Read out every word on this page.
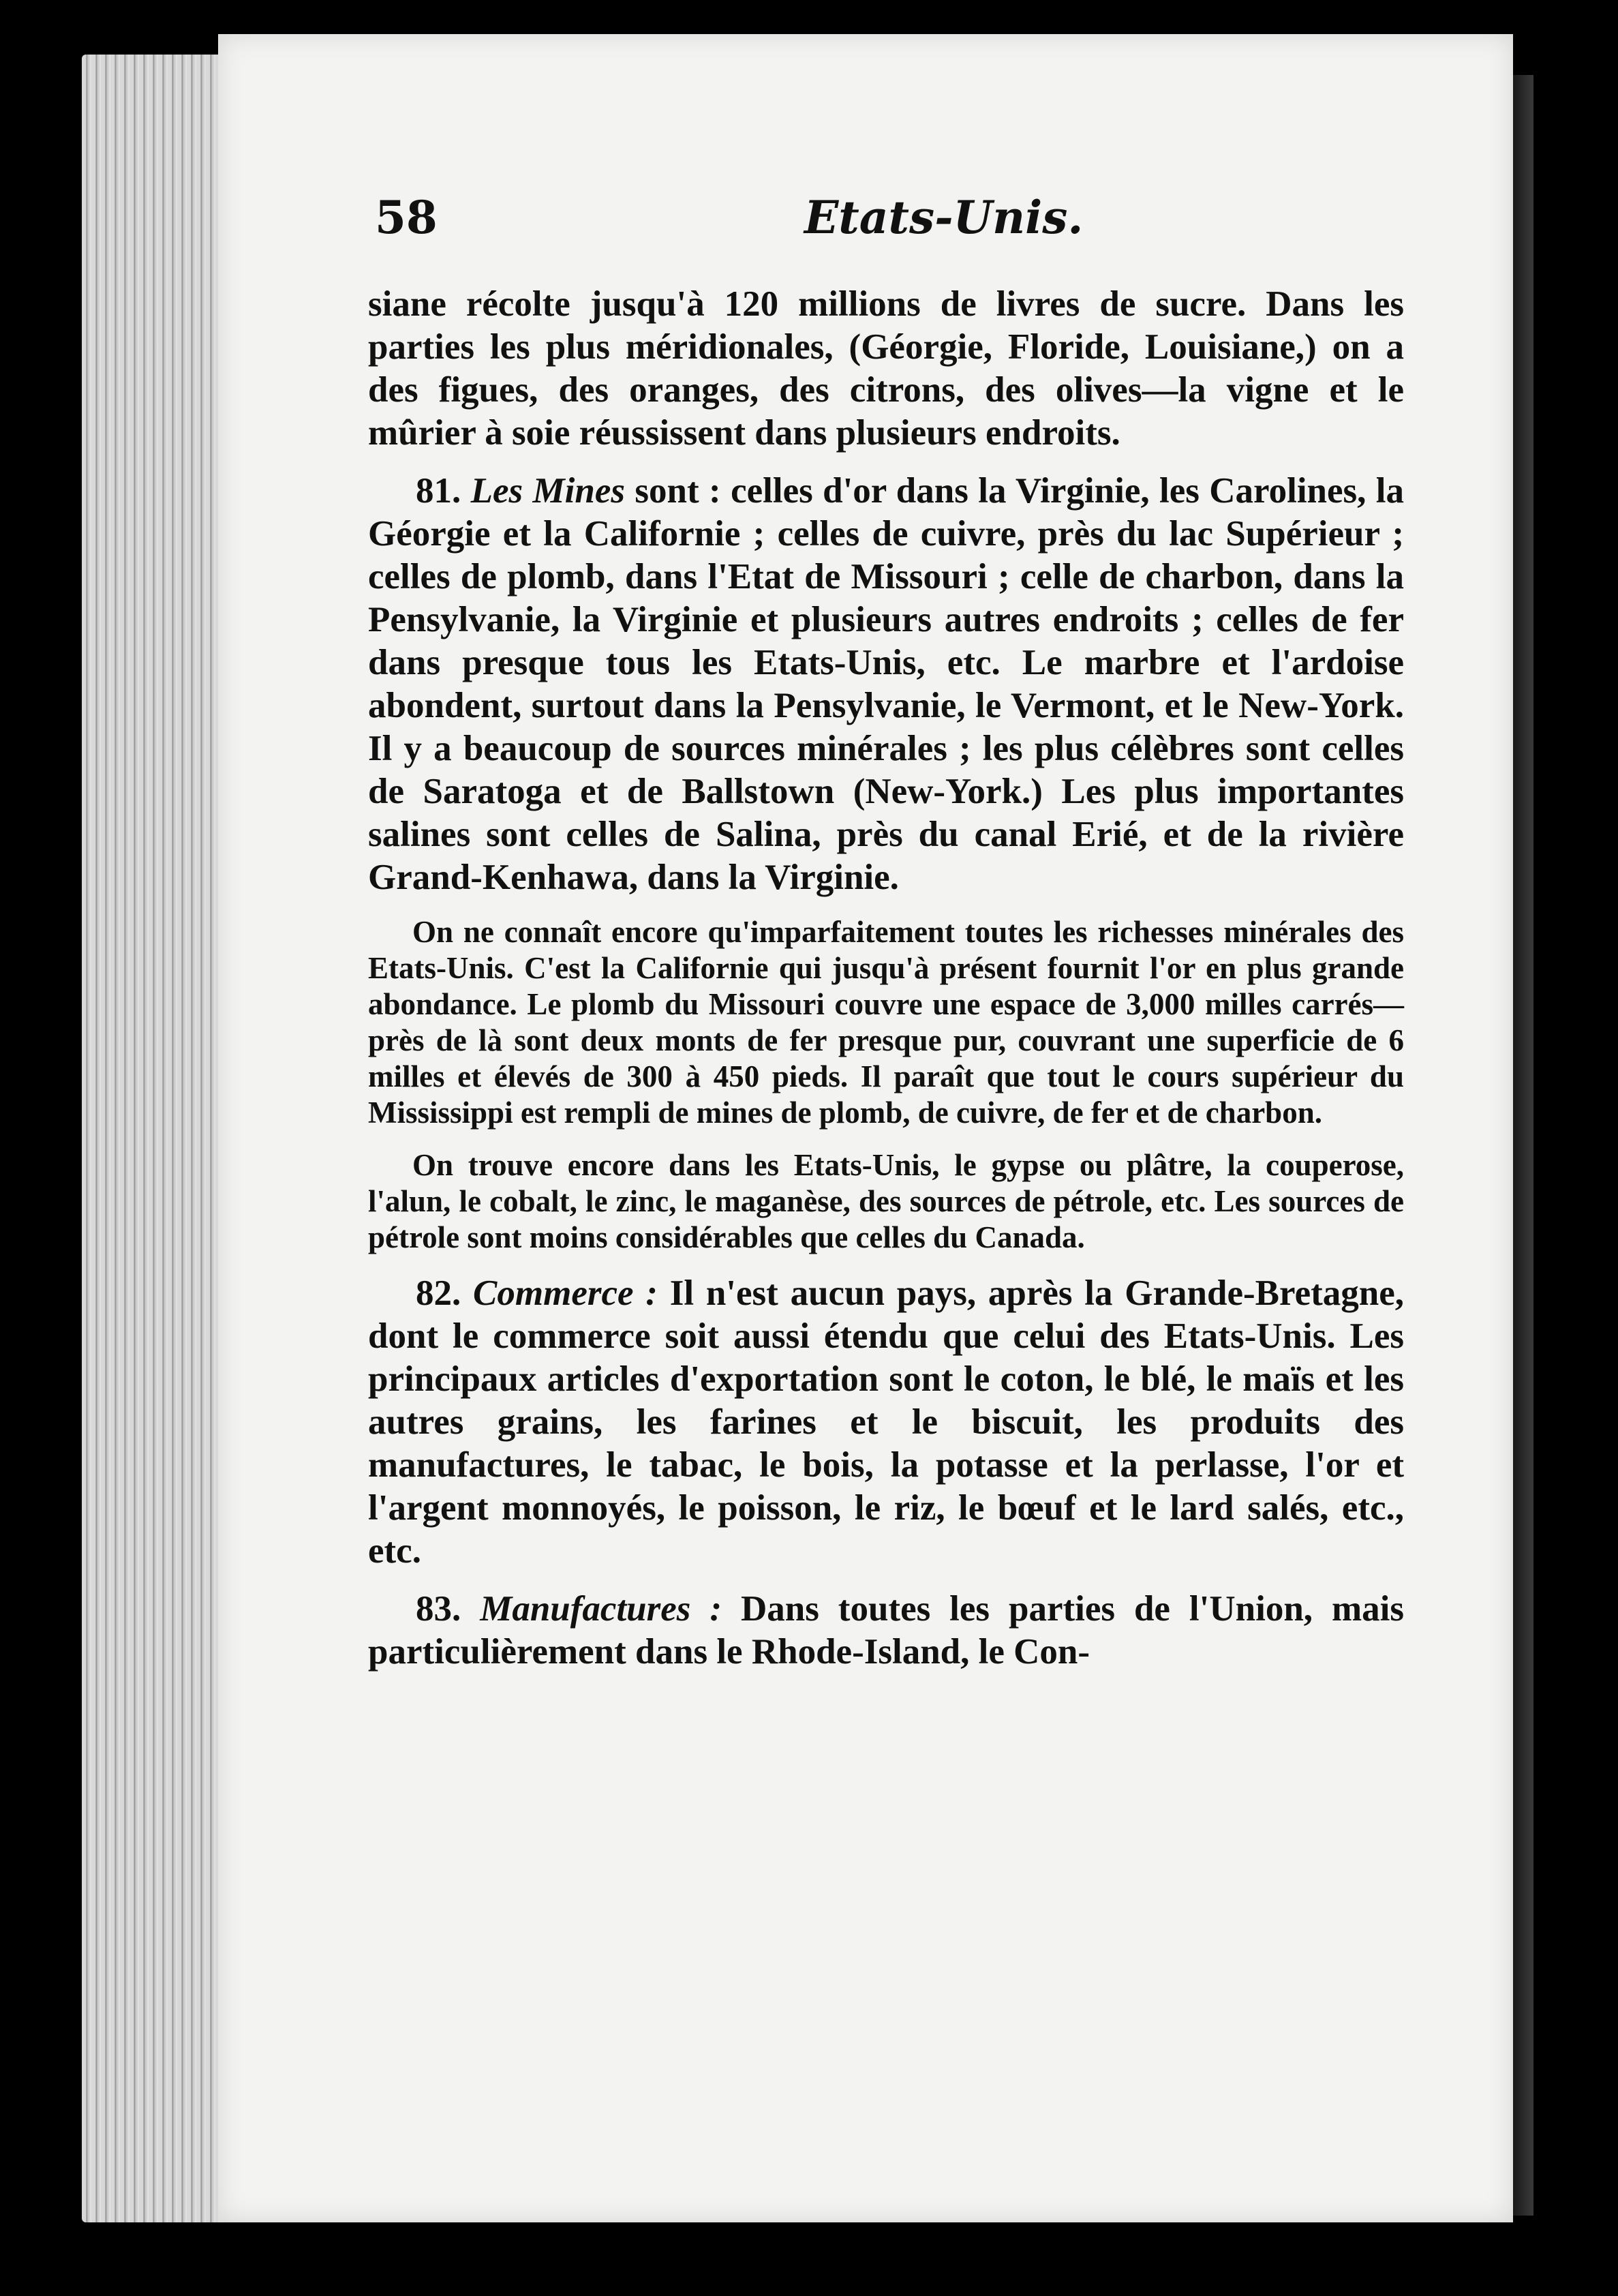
58	Etats-Unis.

siane récolte jusqu'à 120 millions de livres de sucre. Dans les parties les plus méridionales, (Géorgie, Floride, Louisiane,) on a des figues, des oranges, des citrons, des olives—la vigne et le mûrier à soie réussissent dans plusieurs endroits.

81. Les Mines sont : celles d'or dans la Virginie, les Carolines, la Géorgie et la Californie ; celles de cuivre, près du lac Supérieur ; celles de plomb, dans l'Etat de Missouri ; celle de charbon, dans la Pensylvanie, la Virginie et plusieurs autres endroits ; celles de fer dans presque tous les Etats-Unis, etc. Le marbre et l'ardoise abondent, surtout dans la Pensylvanie, le Vermont, et le New-York. Il y a beaucoup de sources minérales ; les plus célèbres sont celles de Saratoga et de Ballstown (New-York.) Les plus importantes salines sont celles de Salina, près du canal Erié, et de la rivière Grand-Kenhawa, dans la Virginie.

On ne connaît encore qu'imparfaitement toutes les richesses minérales des Etats-Unis. C'est la Californie qui jusqu'à présent fournit l'or en plus grande abondance. Le plomb du Missouri couvre une espace de 3,000 milles carrés—près de là sont deux monts de fer presque pur, couvrant une superficie de 6 milles et élevés de 300 à 450 pieds. Il paraît que tout le cours supérieur du Mississippi est rempli de mines de plomb, de cuivre, de fer et de charbon.

On trouve encore dans les Etats-Unis, le gypse ou plâtre, la couperose, l'alun, le cobalt, le zinc, le maganèse, des sources de pétrole, etc. Les sources de pétrole sont moins considérables que celles du Canada.

82. Commerce : Il n'est aucun pays, après la Grande-Bretagne, dont le commerce soit aussi étendu que celui des Etats-Unis. Les principaux articles d'exportation sont le coton, le blé, le maïs et les autres grains, les farines et le biscuit, les produits des manufactures, le tabac, le bois, la potasse et la perlasse, l'or et l'argent monnoyés, le poisson, le riz, le bœuf et le lard salés, etc., etc.

83. Manufactures : Dans toutes les parties de l'Union, mais particulièrement dans le Rhode-Island, le Con-
